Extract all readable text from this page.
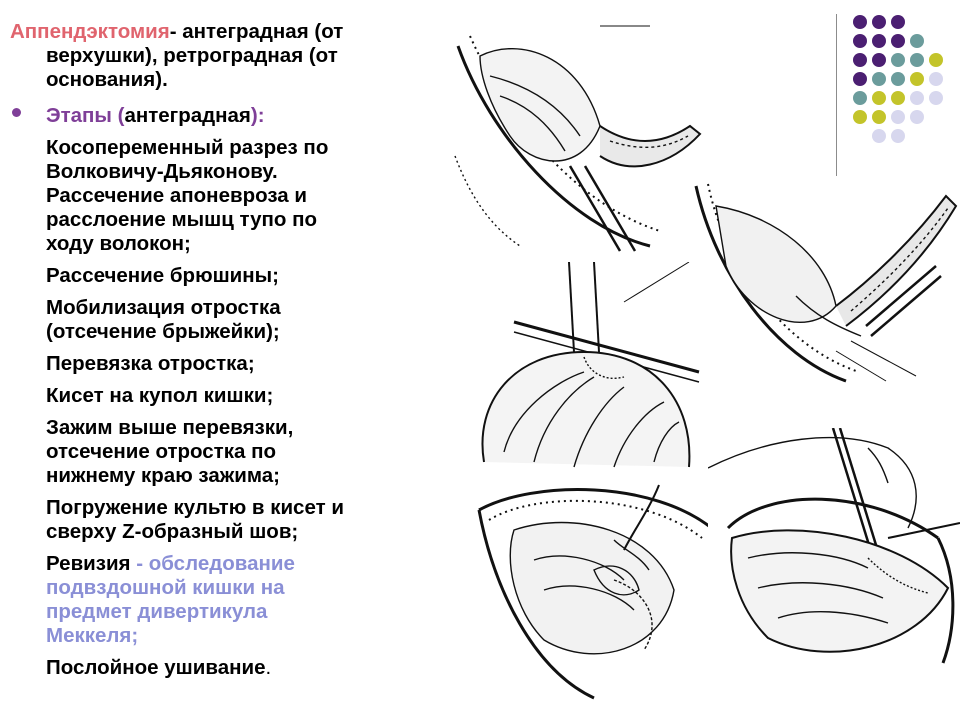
Аппендэктомия- антеградная (от

верхушки), ретроградная (от

основания).

Этапы (антеградная):
Косопеременный разрез по
Волковичу-Дьяконову.
Рассечение апоневроза и
расслоение мышц тупо по
ходу волокон;
Рассечение брюшины;
Мобилизация отростка
(отсечение брыжейки);
Перевязка отростка;
Кисет на купол кишки;
Зажим выше перевязки,
отсечение отростка по
нижнему краю зажима;
Погружение культю в кисет и
сверху Z-образный шов;
Ревизия - обследование
подвздошной кишки на
предмет дивертикула
Меккеля;
Послойное ушивание.
